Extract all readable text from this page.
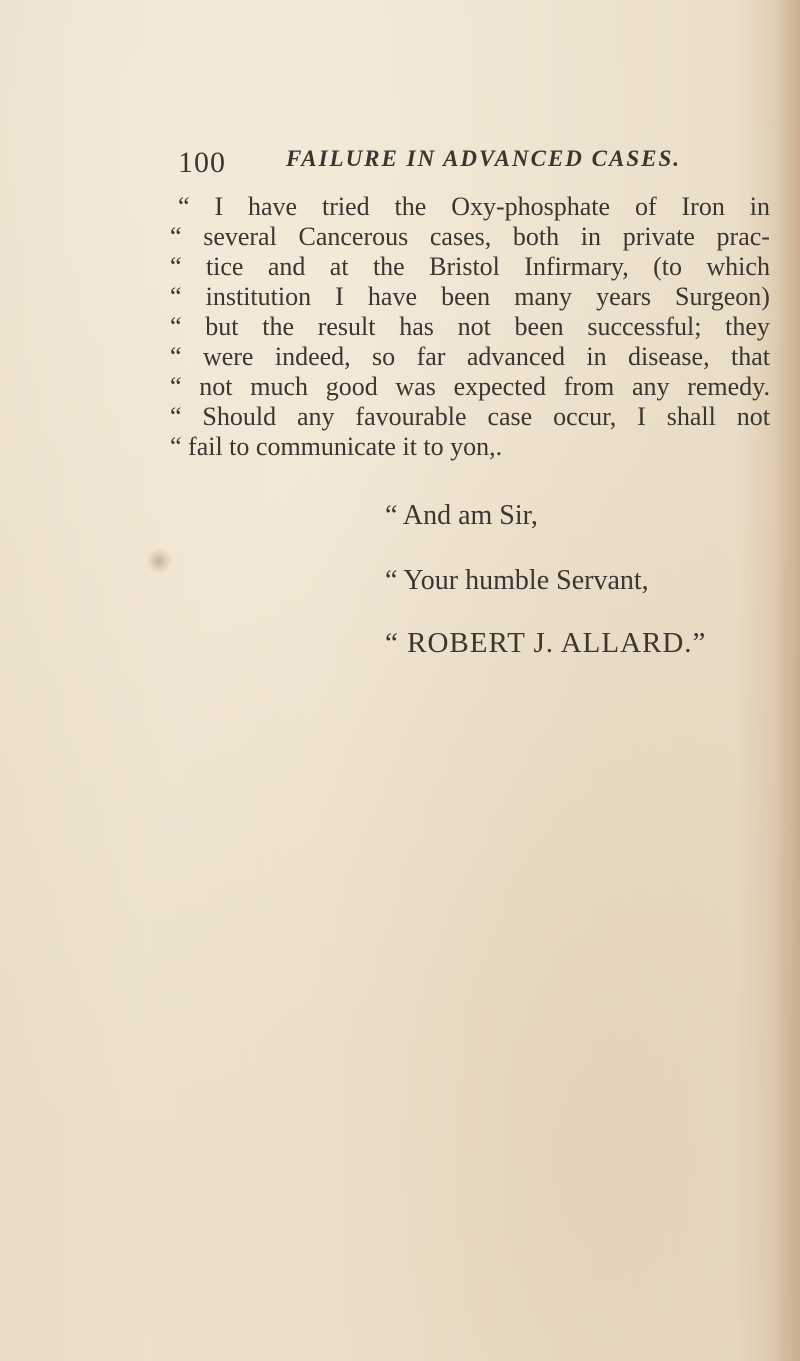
100	FAILURE IN ADVANCED CASES.
“ I have tried the Oxy-phosphate of Iron in
“ several Cancerous cases, both in private prac-
“ tice and at the Bristol Infirmary, (to which
“ institution I have been many years Surgeon)
“ but the result has not been successful; they
“ were indeed, so far advanced in disease, that
“ not much good was expected from any remedy.
“ Should any favourable case occur, I shall not
“ fail to communicate it to yon,.
“ And am Sir,
“ Your humble Servant,
“ ROBERT J. ALLARD.”
